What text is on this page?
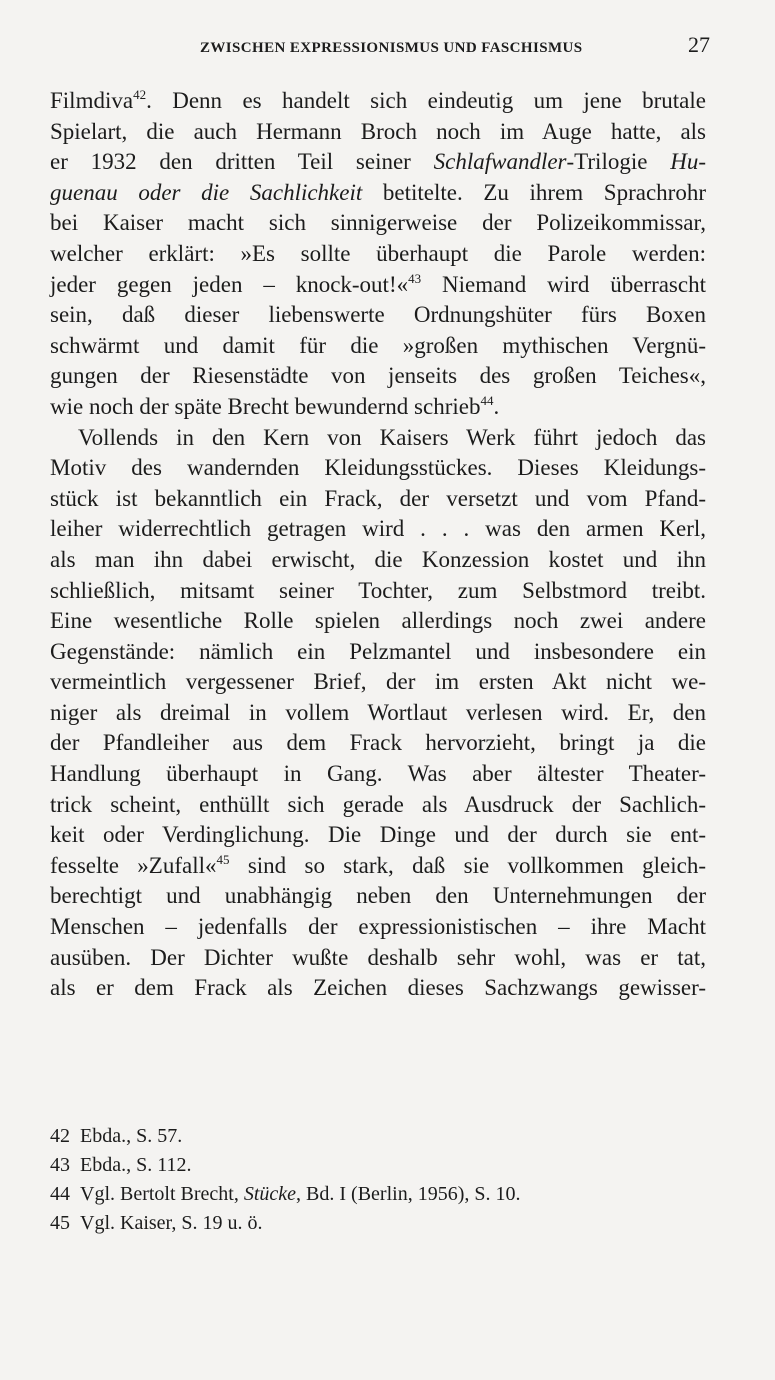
ZWISCHEN EXPRESSIONISMUS UND FASCHISMUS	27
Filmdiva$^{42}$. Denn es handelt sich eindeutig um jene brutale
Spielart, die auch Hermann Broch noch im Auge hatte, als
er 1932 den dritten Teil seiner Schlafwandler-Trilogie Hu-
guenau oder die Sachlichkeit betitelte. Zu ihrem Sprachrohr
bei Kaiser macht sich sinnigerweise der Polizeikommissar,
welcher erklärt: »Es sollte überhaupt die Parole werden:
jeder gegen jeden – knock-out!«$^{43}$ Niemand wird überrascht
sein, daß dieser liebenswerte Ordnungshüter fürs Boxen
schwärmt und damit für die »großen mythischen Vergnü-
gungen der Riesenstädte von jenseits des großen Teiches«,
wie noch der späte Brecht bewundernd schrieb$^{44}$.
Vollends in den Kern von Kaisers Werk führt jedoch das
Motiv des wandernden Kleidungsstückes. Dieses Kleidungs-
stück ist bekanntlich ein Frack, der versetzt und vom Pfand-
leiher widerrechtlich getragen wird . . . was den armen Kerl,
als man ihn dabei erwischt, die Konzession kostet und ihn
schließlich, mitsamt seiner Tochter, zum Selbstmord treibt.
Eine wesentliche Rolle spielen allerdings noch zwei andere
Gegenstände: nämlich ein Pelzmantel und insbesondere ein
vermeintlich vergessener Brief, der im ersten Akt nicht we-
niger als dreimal in vollem Wortlaut verlesen wird. Er, den
der Pfandleiher aus dem Frack hervorzieht, bringt ja die
Handlung überhaupt in Gang. Was aber ältester Theater-
trick scheint, enthüllt sich gerade als Ausdruck der Sachlich-
keit oder Verdinglichung. Die Dinge und der durch sie ent-
fesselte »Zufall«$^{45}$ sind so stark, daß sie vollkommen gleich-
berechtigt und unabhängig neben den Unternehmungen der
Menschen – jedenfalls der expressionistischen – ihre Macht
ausüben. Der Dichter wußte deshalb sehr wohl, was er tat,
als er dem Frack als Zeichen dieses Sachzwangs gewisser-
42 Ebda., S. 57.
43 Ebda., S. 112.
44 Vgl. Bertolt Brecht, Stücke, Bd. I (Berlin, 1956), S. 10.
45 Vgl. Kaiser, S. 19 u. ö.
